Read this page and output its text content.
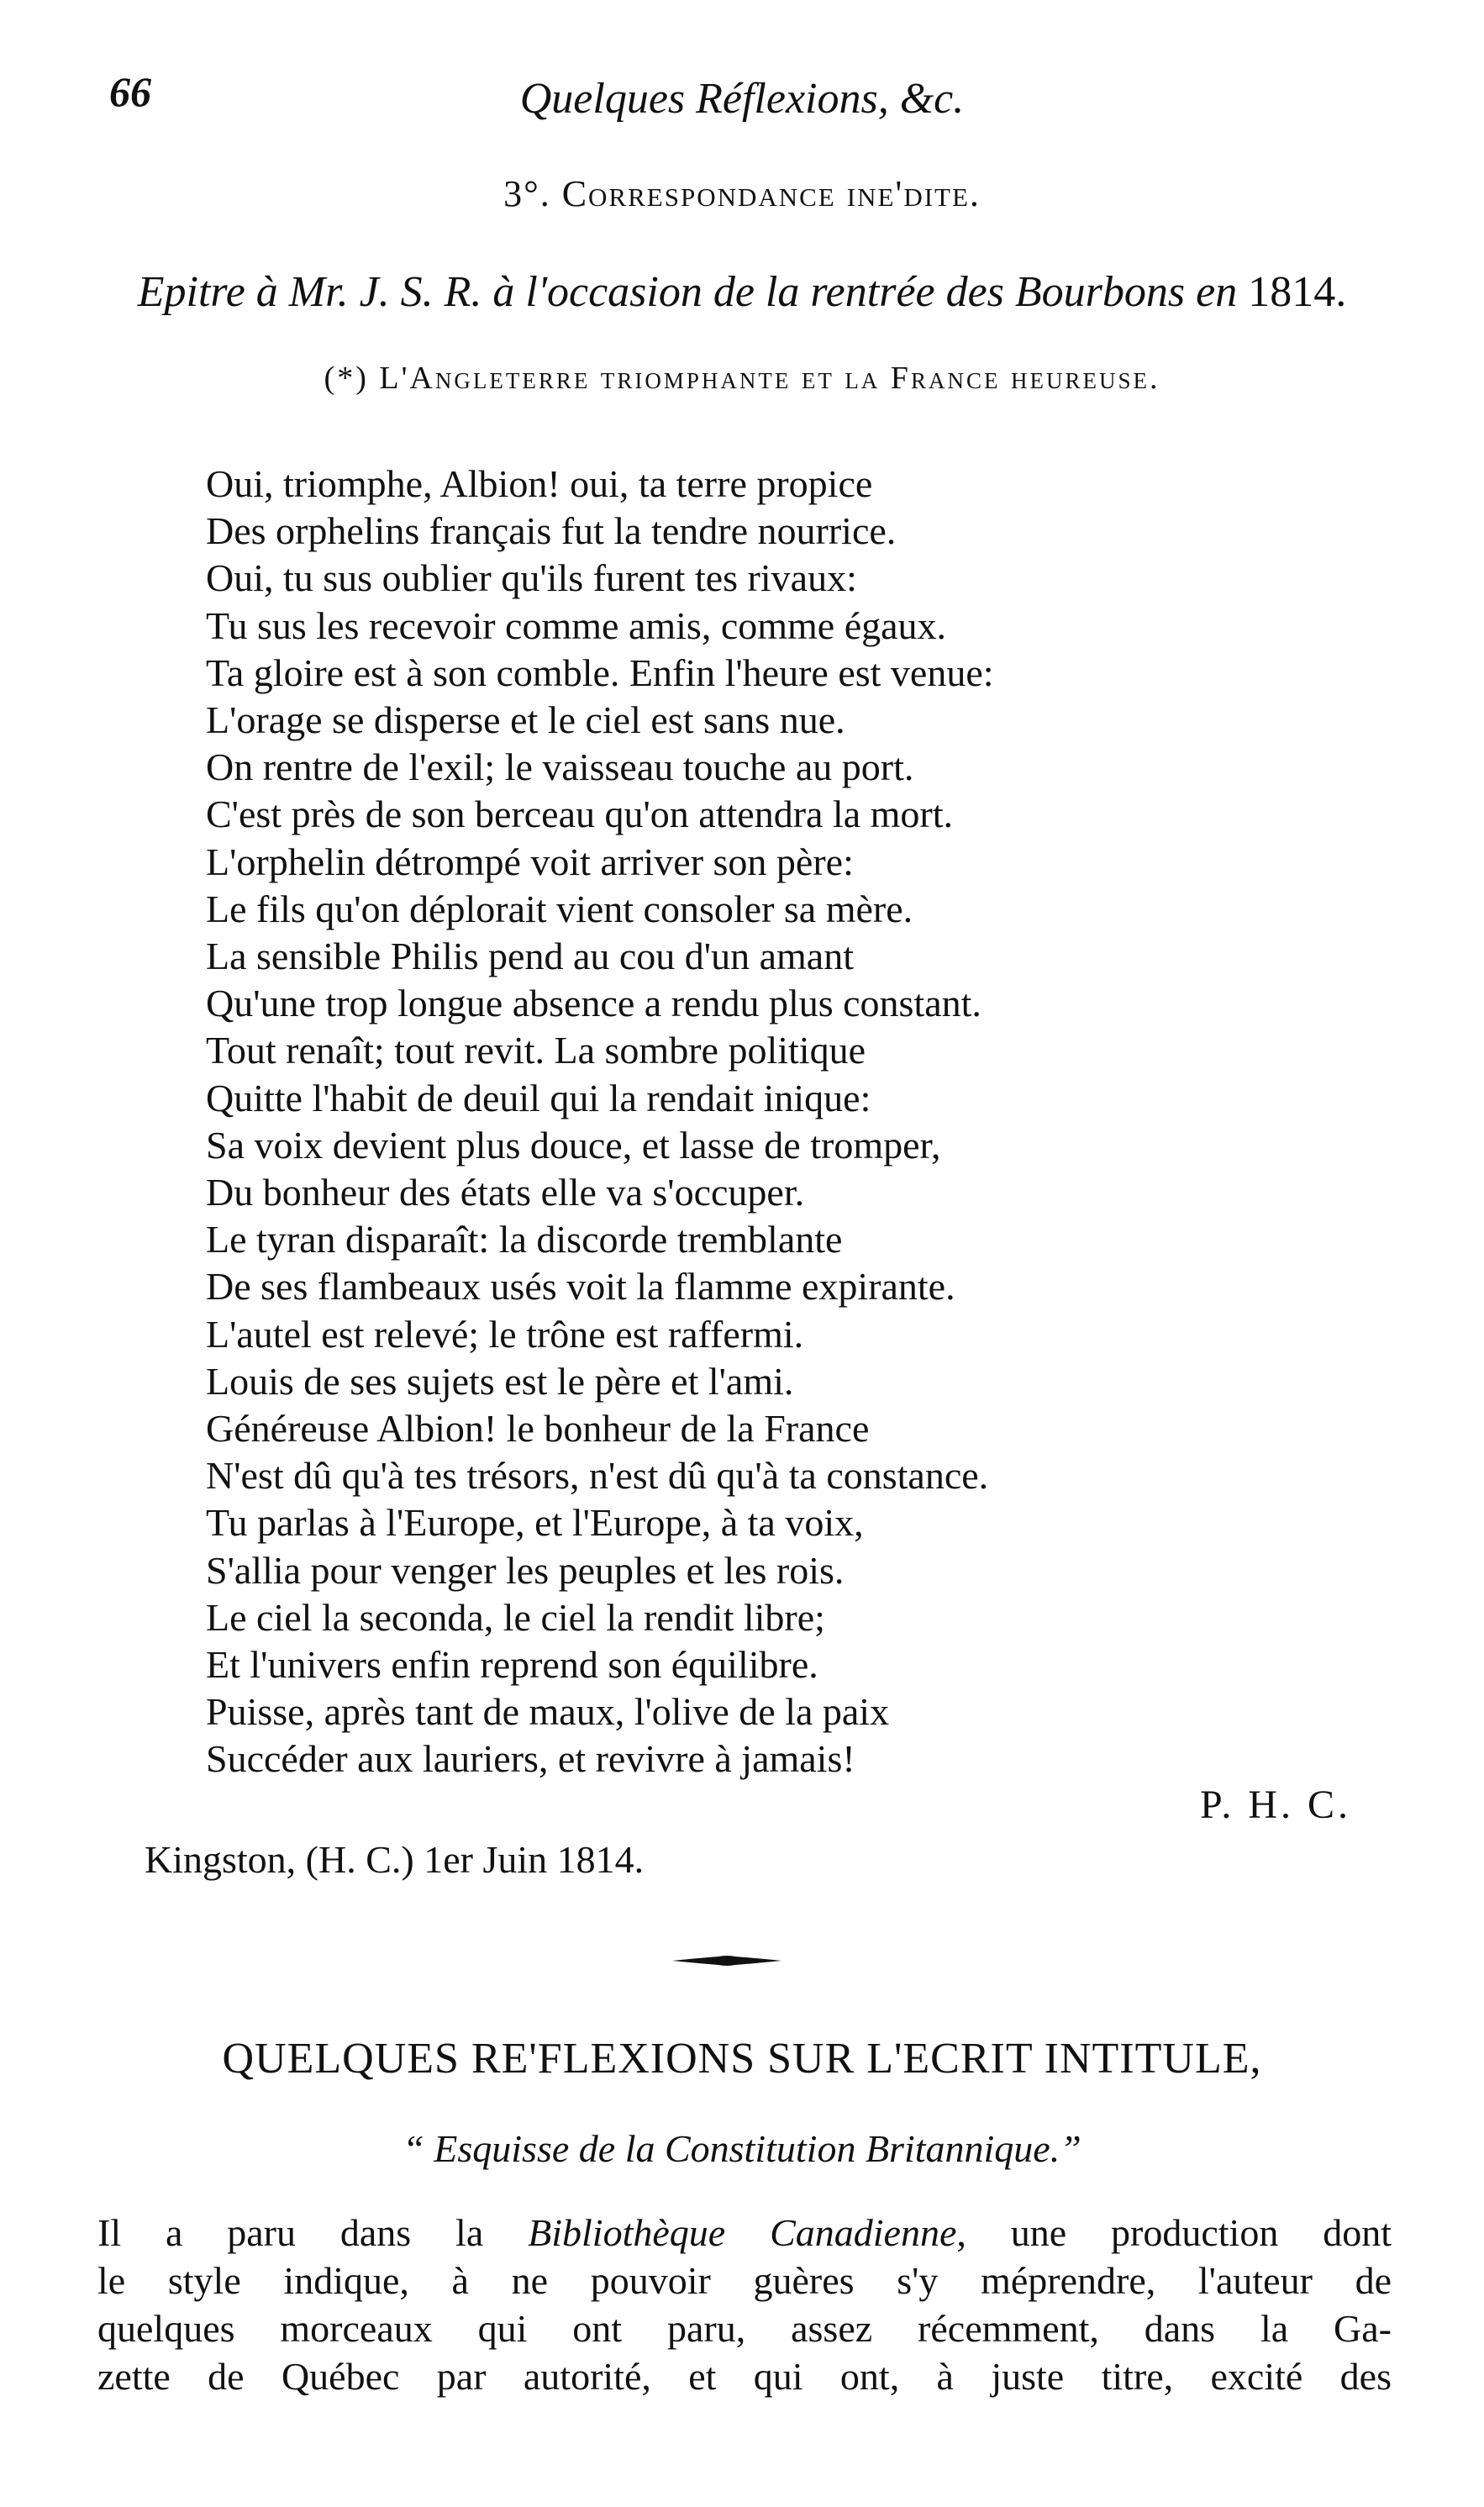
66	Quelques Réflexions, &c.
3°. Correspondance ine'dite.
Epitre à Mr. J. S. R. à l'occasion de la rentrée des Bourbons en 1814.
(*) L'Angleterre triomphante et la France heureuse.
Oui, triomphe, Albion! oui, ta terre propice
Des orphelins français fut la tendre nourrice.
Oui, tu sus oublier qu'ils furent tes rivaux:
Tu sus les recevoir comme amis, comme égaux.
Ta gloire est à son comble. Enfin l'heure est venue:
L'orage se disperse et le ciel est sans nue.
On rentre de l'exil; le vaisseau touche au port.
C'est près de son berceau qu'on attendra la mort.
L'orphelin détrompé voit arriver son père:
Le fils qu'on déplorait vient consoler sa mère.
La sensible Philis pend au cou d'un amant
Qu'une trop longue absence a rendu plus constant.
Tout renaît; tout revit. La sombre politique
Quitte l'habit de deuil qui la rendait inique:
Sa voix devient plus douce, et lasse de tromper,
Du bonheur des états elle va s'occuper.
Le tyran disparaît: la discorde tremblante
De ses flambeaux usés voit la flamme expirante.
L'autel est relevé; le trône est raffermi.
Louis de ses sujets est le père et l'ami.
Généreuse Albion! le bonheur de la France
N'est dû qu'à tes trésors, n'est dû qu'à ta constance.
Tu parlas à l'Europe, et l'Europe, à ta voix,
S'allia pour venger les peuples et les rois.
Le ciel la seconda, le ciel la rendit libre;
Et l'univers enfin reprend son équilibre.
Puisse, après tant de maux, l'olive de la paix
Succéder aux lauriers, et revivre à jamais!
P. H. C.
Kingston, (H. C.) 1er Juin 1814.
QUELQUES RE'FLEXIONS SUR L'ECRIT INTITULE,
“ Esquisse de la Constitution Britannique.”
Il a paru dans la Bibliothèque Canadienne, une production dont
le style indique, à ne pouvoir guères s'y méprendre, l'auteur de
quelques morceaux qui ont paru, assez récemment, dans la Ga-
zette de Québec par autorité, et qui ont, à juste titre, excité des
